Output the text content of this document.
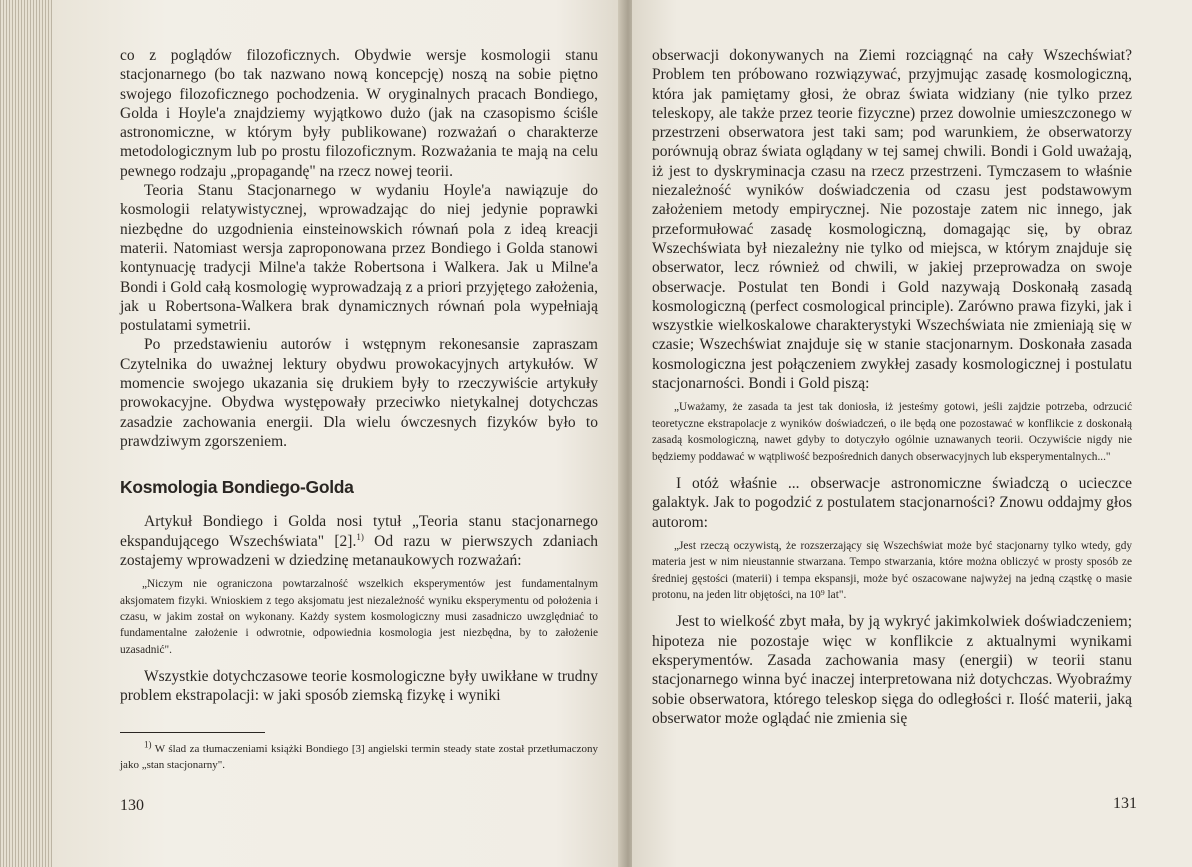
co z poglądów filozoficznych. Obydwie wersje kosmologii stanu stacjonarnego (bo tak nazwano nową koncepcję) noszą na sobie piętno swojego filozoficznego pochodzenia. W oryginalnych pracach Bondiego, Golda i Hoyle'a znajdziemy wyjątkowo dużo (jak na czasopismo ściśle astronomiczne, w którym były publikowane) rozważań o charakterze metodologicznym lub po prostu filozoficznym. Rozważania te mają na celu pewnego rodzaju „propagandę" na rzecz nowej teorii.

Teoria Stanu Stacjonarnego w wydaniu Hoyle'a nawiązuje do kosmologii relatywistycznej, wprowadzając do niej jedynie poprawki niezbędne do uzgodnienia einsteinowskich równań pola z ideą kreacji materii. Natomiast wersja zaproponowana przez Bondiego i Golda stanowi kontynuację tradycji Milne'a także Robertsona i Walkera. Jak u Milne'a Bondi i Gold całą kosmologię wyprowadzają z a priori przyjętego założenia, jak u Robertsona-Walkera brak dynamicznych równań pola wypełniają postulatami symetrii.

Po przedstawieniu autorów i wstępnym rekonesansie zapraszam Czytelnika do uważnej lektury obydwu prowokacyjnych artykułów. W momencie swojego ukazania się drukiem były to rzeczywiście artykuły prowokacyjne. Obydwa występowały przeciwko nietykalnej dotychczas zasadzie zachowania energii. Dla wielu ówczesnych fizyków było to prawdziwym zgorszeniem.

Kosmologia Bondiego-Golda

Artykuł Bondiego i Golda nosi tytuł „Teoria stanu stacjonarnego ekspandującego Wszechświata" [2].$^{1)}$ Od razu w pierwszych zdaniach zostajemy wprowadzeni w dziedzinę metanaukowych rozważań:

„Niczym nie ograniczona powtarzalność wszelkich eksperymentów jest fundamentalnym aksjomatem fizyki. Wnioskiem z tego aksjomatu jest niezależność wyniku eksperymentu od położenia i czasu, w jakim został on wykonany. Każdy system kosmologiczny musi zasadniczo uwzględniać to fundamentalne założenie i odwrotnie, odpowiednia kosmologia jest niezbędna, by to założenie uzasadnić".

Wszystkie dotychczasowe teorie kosmologiczne były uwikłane w trudny problem ekstrapolacji: w jaki sposób ziemską fizykę i wyniki

$^{1)}$ W ślad za tłumaczeniami książki Bondiego [3] angielski termin steady state został przetłumaczony jako „stan stacjonarny".

130

obserwacji dokonywanych na Ziemi rozciągnąć na cały Wszechświat? Problem ten próbowano rozwiązywać, przyjmując zasadę kosmologiczną, która jak pamiętamy głosi, że obraz świata widziany (nie tylko przez teleskopy, ale także przez teorie fizyczne) przez dowolnie umieszczonego w przestrzeni obserwatora jest taki sam; pod warunkiem, że obserwatorzy porównują obraz świata oglądany w tej samej chwili. Bondi i Gold uważają, iż jest to dyskryminacja czasu na rzecz przestrzeni. Tymczasem to właśnie niezależność wyników doświadczenia od czasu jest podstawowym założeniem metody empirycznej. Nie pozostaje zatem nic innego, jak przeformułować zasadę kosmologiczną, domagając się, by obraz Wszechświata był niezależny nie tylko od miejsca, w którym znajduje się obserwator, lecz również od chwili, w jakiej przeprowadza on swoje obserwacje. Postulat ten Bondi i Gold nazywają Doskonałą zasadą kosmologiczną (perfect cosmological principle). Zarówno prawa fizyki, jak i wszystkie wielkoskalowe charakterystyki Wszechświata nie zmieniają się w czasie; Wszechświat znajduje się w stanie stacjonarnym. Doskonała zasada kosmologiczna jest połączeniem zwykłej zasady kosmologicznej i postulatu stacjonarności. Bondi i Gold piszą:

„Uważamy, że zasada ta jest tak doniosła, iż jesteśmy gotowi, jeśli zajdzie potrzeba, odrzucić teoretyczne ekstrapolacje z wyników doświadczeń, o ile będą one pozostawać w konflikcie z doskonałą zasadą kosmologiczną, nawet gdyby to dotyczyło ogólnie uznawanych teorii. Oczywiście nigdy nie będziemy poddawać w wątpliwość bezpośrednich danych obserwacyjnych lub eksperymentalnych..."

I otóż właśnie ... obserwacje astronomiczne świadczą o ucieczce galaktyk. Jak to pogodzić z postulatem stacjonarności? Znowu oddajmy głos autorom:

„Jest rzeczą oczywistą, że rozszerzający się Wszechświat może być stacjonarny tylko wtedy, gdy materia jest w nim nieustannie stwarzana. Tempo stwarzania, które można obliczyć w prosty sposób ze średniej gęstości (materii) i tempa ekspansji, może być oszacowane najwyżej na jedną cząstkę o masie protonu, na jeden litr objętości, na 10⁹ lat".

Jest to wielkość zbyt mała, by ją wykryć jakimkolwiek doświadczeniem; hipoteza nie pozostaje więc w konflikcie z aktualnymi wynikami eksperymentów. Zasada zachowania masy (energii) w teorii stanu stacjonarnego winna być inaczej interpretowana niż dotychczas. Wyobraźmy sobie obserwatora, którego teleskop sięga do odległości r. Ilość materii, jaką obserwator może oglądać nie zmienia się

131
